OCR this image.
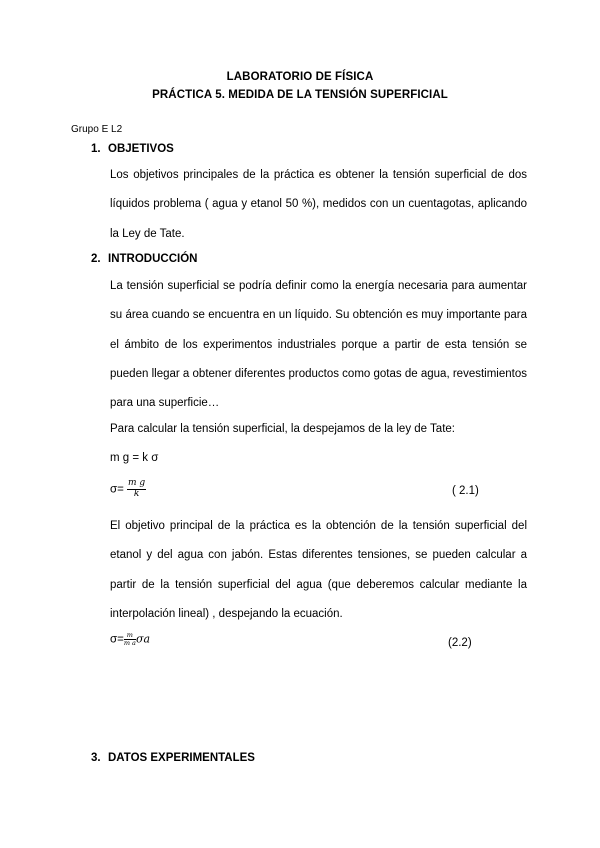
LABORATORIO DE FÍSICA
PRÁCTICA 5. MEDIDA DE LA TENSIÓN SUPERFICIAL
Grupo E L2
1. OBJETIVOS

Los objetivos principales de la práctica es obtener la tensión superficial de dos líquidos problema ( agua y etanol 50 %), medidos con un cuentagotas, aplicando la Ley de Tate.

2. INTRODUCCIÓN

La tensión superficial se podría definir como la energía necesaria para aumentar su área cuando se encuentra en un líquido. Su obtención es muy importante para el ámbito de los experimentos industriales porque a partir de esta tensión se pueden llegar a obtener diferentes productos como gotas de agua, revestimientos para una superficie…

Para calcular la tensión superficial, la despejamos de la ley de Tate:
m g = k σ
$\sigma= \frac{\text{m g}}{k}$	( 2.1)

El objetivo principal de la práctica es la obtención de la tensión superficial del etanol y del agua con jabón. Estas diferentes tensiones, se pueden calcular a partir de la tensión superficial del agua (que deberemos calcular mediante la interpolación lineal) , despejando la ecuación.

$\sigma= \frac{m}{\text{m a}}$ σa	(2.2)
3. DATOS EXPERIMENTALES
